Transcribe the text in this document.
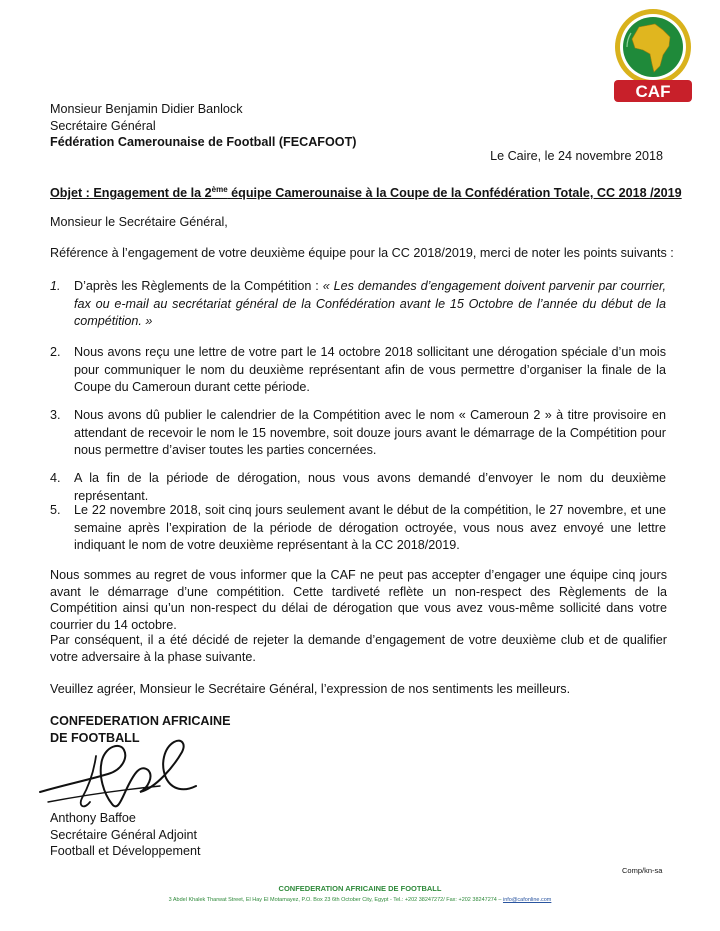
CAF
Monsieur Benjamin Didier Banlock
Secrétaire Général
Fédération Camerounaise de Football (FECAFOOT)
Le Caire, le 24 novembre 2018
Objet : Engagement de la 2ème équipe Camerounaise à la Coupe de la Confédération Totale, CC 2018 /2019
Monsieur le Secrétaire Général,
Référence à l’engagement de votre deuxième équipe pour la CC 2018/2019, merci de noter les points suivants :
1. D’après les Règlements de la Compétition : « Les demandes d’engagement doivent parvenir par courrier, fax ou e-mail au secrétariat général de la Confédération avant le 15 Octobre de l’année du début de la compétition. »
2. Nous avons reçu une lettre de votre part le 14 octobre 2018 sollicitant une dérogation spéciale d’un mois pour communiquer le nom du deuxième représentant afin de vous permettre d’organiser la finale de la Coupe du Cameroun durant cette période.
3. Nous avons dû publier le calendrier de la Compétition avec le nom « Cameroun 2 » à titre provisoire en attendant de recevoir le nom le 15 novembre, soit douze jours avant le démarrage de la Compétition pour nous permettre d’aviser toutes les parties concernées.
4. A la fin de la période de dérogation, nous vous avons demandé d’envoyer le nom du deuxième représentant.
5. Le 22 novembre 2018, soit cinq jours seulement avant le début de la compétition, le 27 novembre, et une semaine après l’expiration de la période de dérogation octroyée, vous nous avez envoyé une lettre indiquant le nom de votre deuxième représentant à la CC 2018/2019.
Nous sommes au regret de vous informer que la CAF ne peut pas accepter d’engager une équipe cinq jours avant le démarrage d’une compétition. Cette tardiveté reflète un non-respect des Règlements de la Compétition ainsi qu’un non-respect du délai de dérogation que vous avez vous-même sollicité dans votre courrier du 14 octobre.
Par conséquent, il a été décidé de rejeter la demande d’engagement de votre deuxième club et de qualifier votre adversaire à la phase suivante.
Veuillez agréer, Monsieur le Secrétaire Général, l’expression de nos sentiments les meilleurs.
CONFEDERATION AFRICAINE
DE FOOTBALL
Anthony Baffoe
Secrétaire Général Adjoint
Football et Développement
Comp/kn-sa
CONFEDERATION AFRICAINE DE FOOTBALL
3 Abdel Khalek Tharwat Street, El Hay El Motamayez, P.O. Box 23 6th October City, Egypt - Tel.: +202 38247272/ Fax: +202 38247274 – info@cafonline.com
